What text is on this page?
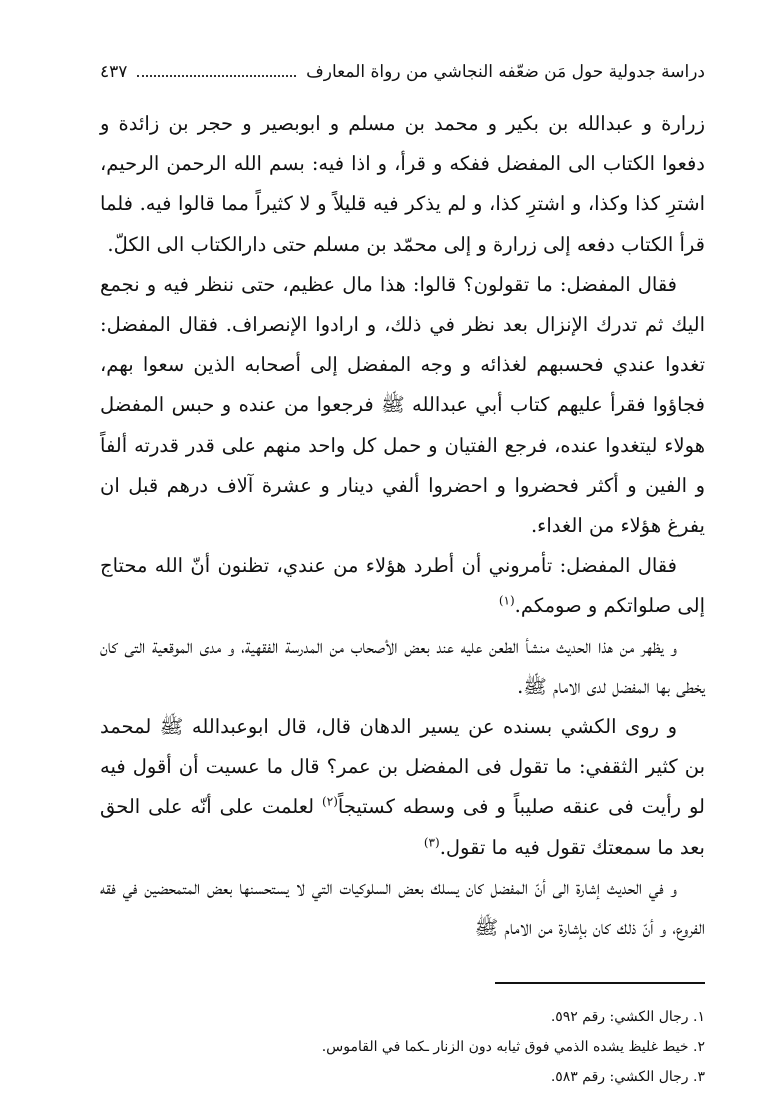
دراسة جدولية حول مَن ضعّفه النجاشي من رواة المعارف
٤٣٧

زرارة و عبدالله بن بكير و محمد بن مسلم و ابوبصير و حجر بن زائدة و دفعوا الكتاب الى المفضل ففكه و قرأ، و اذا فيه: بسم الله الرحمن الرحيم، اشترِ كذا وكذا، و اشترِ كذا، و لم يذكر فيه قليلاً و لا كثيراً مما قالوا فيه. فلما قرأ الكتاب دفعه إلى زرارة و إلى محمّد بن مسلم حتى دارالكتاب الى الكلّ.

فقال المفضل: ما تقولون؟ قالوا: هذا مال عظيم، حتى ننظر فيه و نجمع اليك ثم تدرك الإنزال بعد نظر في ذلك، و ارادوا الإنصراف. فقال المفضل: تغدوا عندي فحسبهم لغذائه و وجه المفضل إلى أصحابه الذين سعوا بهم، فجاؤوا فقرأ عليهم كتاب أبي عبدالله ﷺ فرجعوا من عنده و حبس المفضل هولاء ليتغدوا عنده، فرجع الفتيان و حمل كل واحد منهم على قدر قدرته ألفاً و الفين و أكثر فحضروا و احضروا ألفي دينار و عشرة آلاف درهم قبل ان يفرغ هؤلاء من الغداء.

فقال المفضل: تأمروني أن أطرد هؤلاء من عندي، تظنون أنّ الله محتاج إلى صلواتكم و صومكم.$^{(١)}$

و يظهر من هذا الحديث منشأ الطعن عليه عند بعض الأصحاب من المدرسة الفقهية، و مدى الموقعية التى كان يخطى بها المفضل لدى الامام ﷺ.

و روى الكشي بسنده عن يسير الدهان قال، قال ابوعبدالله ﷺ لمحمد بن كثير الثقفي: ما تقول فى المفضل بن عمر؟ قال ما عسيت أن أقول فيه لو رأيت فى عنقه صليباً و فى وسطه كستيجاً$^{(٢)}$ لعلمت على أنّه على الحق بعد ما سمعتك تقول فيه ما تقول.$^{(٣)}$

و في الحديث إشارة الى أنّ المفضل كان يسلك بعض السلوكيات التي لا يستحسنها بعض المتمحضين في فقه الفروع، و أنّ ذلك كان بإشارة من الامام ﷺ

١. رجال الكشي: رقم ٥٩٢.
٢. خيط غليظ يشده الذمي فوق ثيابه دون الزنار ـكما في القاموس.
٣. رجال الكشي: رقم ٥٨٣.
